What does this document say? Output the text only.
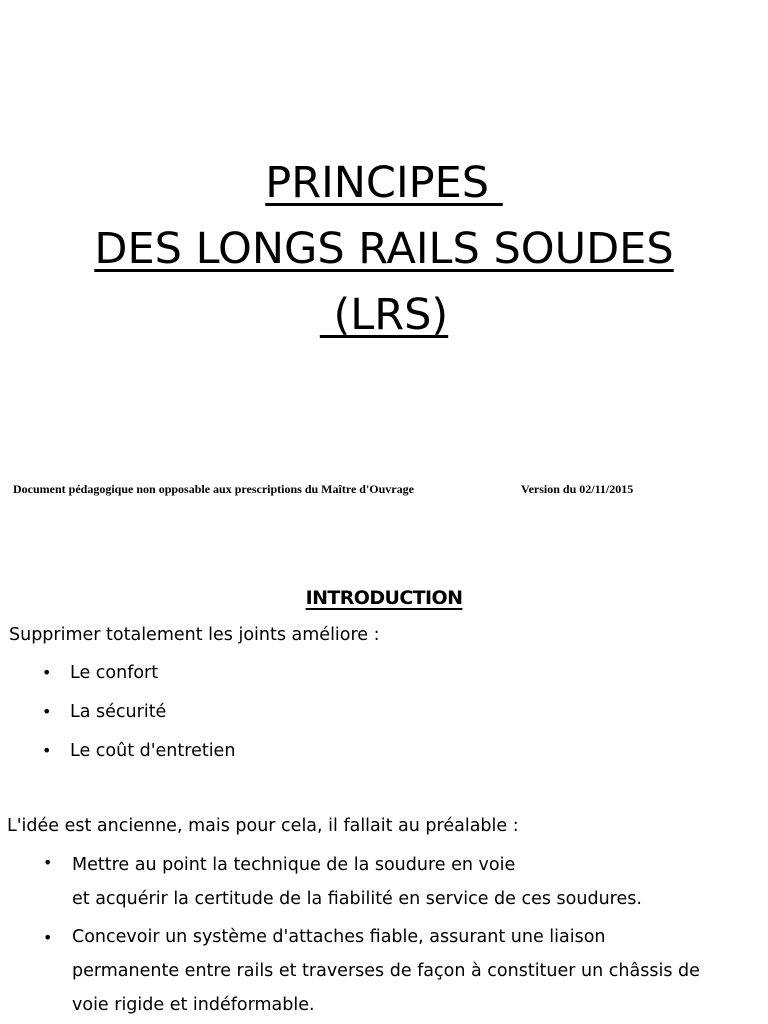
PRINCIPES
DES LONGS RAILS SOUDES
(LRS)
Document pédagogique non opposable aux prescriptions du Maître d'Ouvrage	Version du 02/11/2015
INTRODUCTION
Supprimer totalement les joints améliore :
• Le confort
• La sécurité
• Le coût d'entretien
L'idée est ancienne, mais pour cela, il fallait au préalable :
• Mettre au point la technique de la soudure en voie
et acquérir la certitude de la fiabilité en service de ces soudures.
• Concevoir un système d'attaches fiable, assurant une liaison
permanente entre rails et traverses de façon à constituer un châssis de
voie rigide et indéformable.
